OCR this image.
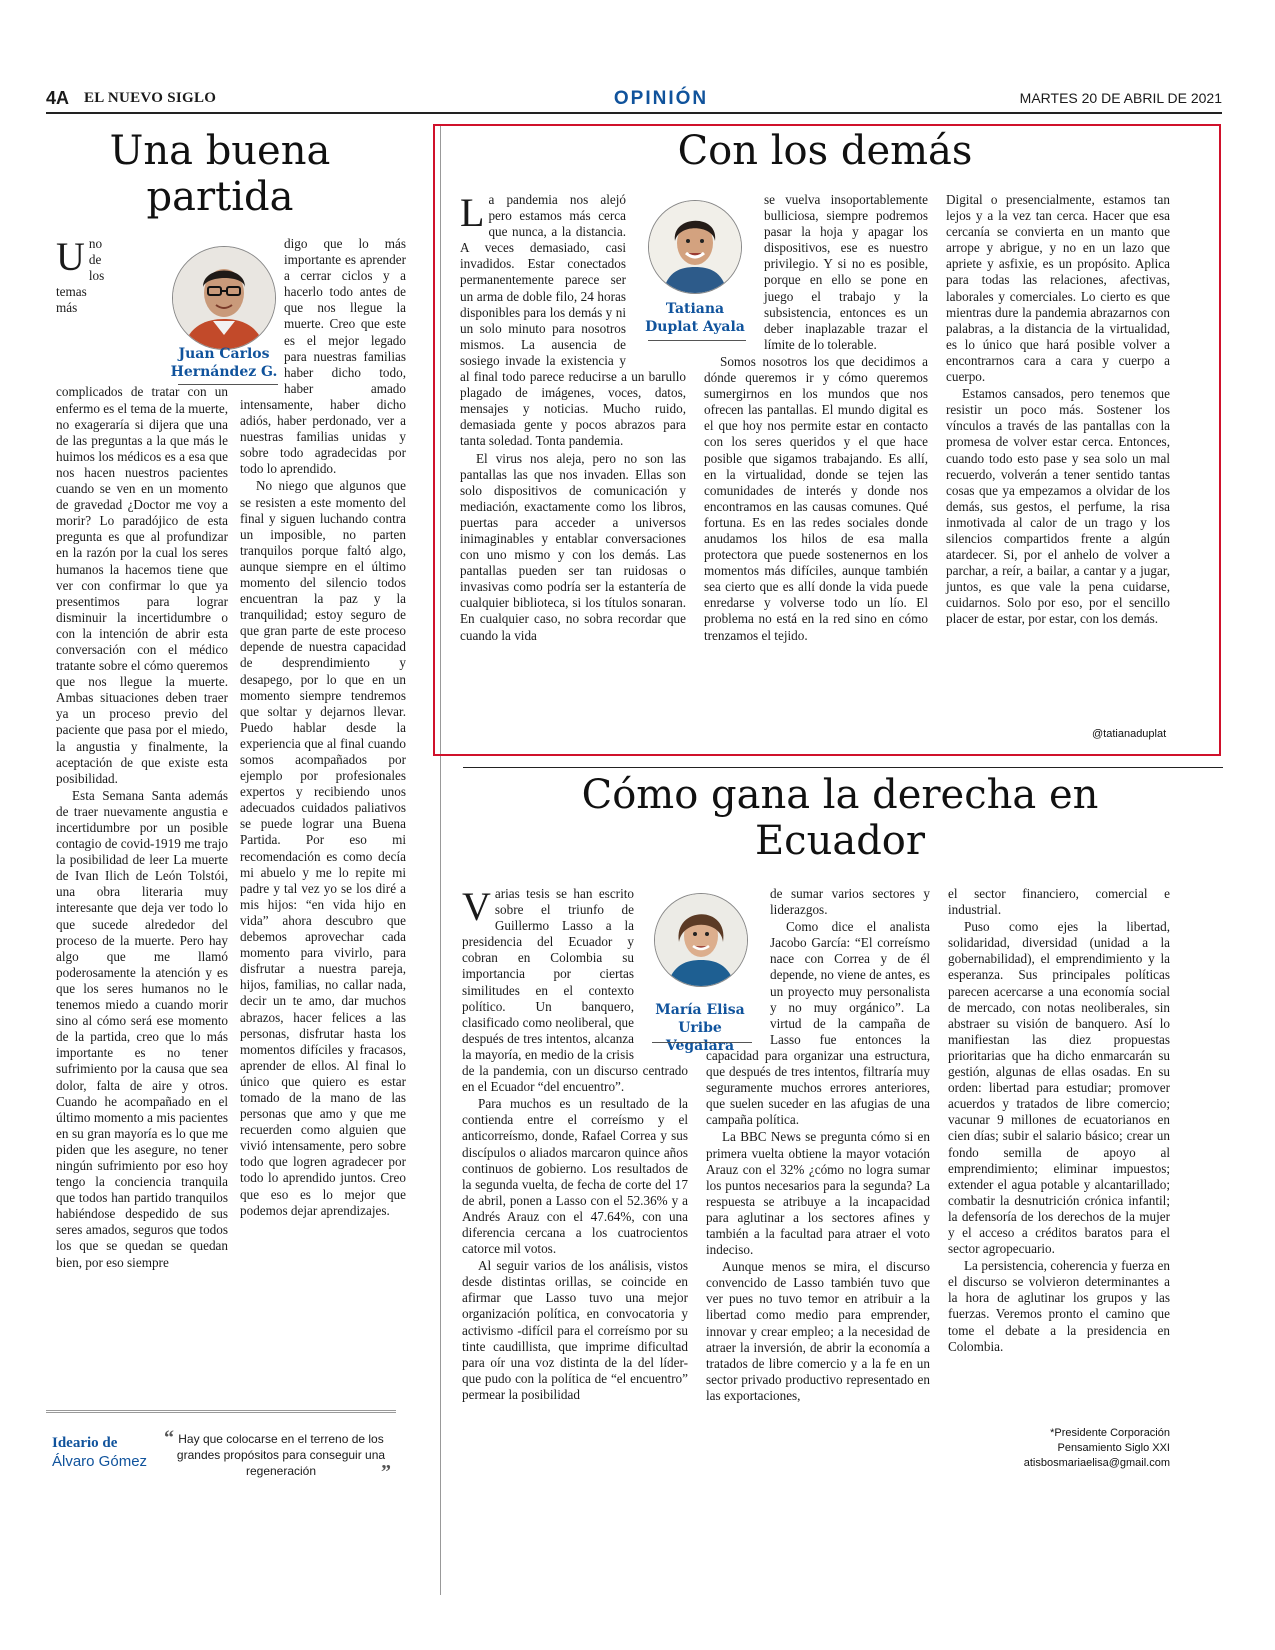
4A EL NUEVO SIGLO	OPINIÓN	MARTES 20 DE ABRIL DE 2021
Una buena partida
Juan Carlos Hernández G.

Uno de los temas más complicados de tratar con un enfermo es el tema de la muerte, no exageraría si dijera que una de las preguntas a la que más le huimos los médicos es a esa que nos hacen nuestros pacientes cuando se ven en un momento de gravedad ¿Doctor me voy a morir? Lo paradójico de esta pregunta es que al profundizar en la razón por la cual los seres humanos la hacemos tiene que ver con confirmar lo que ya presentimos para lograr disminuir la incertidumbre o con la intención de abrir esta conversación con el médico tratante sobre el cómo queremos que nos llegue la muerte. Ambas situaciones deben traer ya un proceso previo del paciente que pasa por el miedo, la angustia y finalmente, la aceptación de que existe esta posibilidad.

Esta Semana Santa además de traer nuevamente angustia e incertidumbre por un posible contagio de covid-1919 me trajo la posibilidad de leer La muerte de Ivan Ilich de León Tolstói, una obra literaria muy interesante que deja ver todo lo que sucede alrededor del proceso de la muerte. Pero hay algo que me llamó poderosamente la atención y es que los seres humanos no le tenemos miedo a cuando morir sino al cómo será ese momento de la partida, creo que lo más importante es no tener sufrimiento por la causa que sea dolor, falta de aire y otros. Cuando he acompañado en el último momento a mis pacientes en su gran mayoría es lo que me piden que les asegure, no tener ningún sufrimiento por eso hoy tengo la conciencia tranquila que todos han partido tranquilos habiéndose despedido de sus seres amados, seguros que todos los que se quedan se quedan bien, por eso siempre

digo que lo más importante es aprender a cerrar ciclos y a hacerlo todo antes de que nos llegue la muerte. Creo que este es el mejor legado para nuestras familias haber dicho todo, haber amado intensamente, haber dicho adiós, haber perdonado, ver a nuestras familias unidas y sobre todo agradecidas por todo lo aprendido.

No niego que algunos que se resisten a este momento del final y siguen luchando contra un imposible, no parten tranquilos porque faltó algo, aunque siempre en el último momento del silencio todos encuentran la paz y la tranquilidad; estoy seguro de que gran parte de este proceso depende de nuestra capacidad de desprendimiento y desapego, por lo que en un momento siempre tendremos que soltar y dejarnos llevar. Puedo hablar desde la experiencia que al final cuando somos acompañados por ejemplo por profesionales expertos y recibiendo unos adecuados cuidados paliativos se puede lograr una Buena Partida. Por eso mi recomendación es como decía mi abuelo y me lo repite mi padre y tal vez yo se los diré a mis hijos: “en vida hijo en vida” ahora descubro que debemos aprovechar cada momento para vivirlo, para disfrutar a nuestra pareja, hijos, familias, no callar nada, decir un te amo, dar muchos abrazos, hacer felices a las personas, disfrutar hasta los momentos difíciles y fracasos, aprender de ellos. Al final lo único que quiero es estar tomado de la mano de las personas que amo y que me recuerden como alguien que vivió intensamente, pero sobre todo que logren agradecer por todo lo aprendido juntos. Creo que eso es lo mejor que podemos dejar aprendizajes.

Ideario de
Álvaro Gómez
“ Hay que colocarse en el terreno de los grandes propósitos para conseguir una regeneración	”
Con los demás
Tatiana Duplat Ayala

La pandemia nos alejó pero estamos más cerca que nunca, a la distancia. A veces demasiado, casi invadidos. Estar conectados permanentemente parece ser un arma de doble filo, 24 horas disponibles para los demás y ni un solo minuto para nosotros mismos. La ausencia de sosiego invade la existencia y al final todo parece reducirse a un barullo plagado de imágenes, voces, datos, mensajes y noticias. Mucho ruido, demasiada gente y pocos abrazos para tanta soledad. Tonta pandemia.

El virus nos aleja, pero no son las pantallas las que nos invaden. Ellas son solo dispositivos de comunicación y mediación, exactamente como los libros, puertas para acceder a universos inimaginables y entablar conversaciones con uno mismo y con los demás. Las pantallas pueden ser tan ruidosas o invasivas como podría ser la estantería de cualquier biblioteca, si los títulos sonaran. En cualquier caso, no sobra recordar que cuando la vida

se vuelva insoportablemente bulliciosa, siempre podremos pasar la hoja y apagar los dispositivos, ese es nuestro privilegio. Y si no es posible, porque en ello se pone en juego el trabajo y la subsistencia, entonces es un deber inaplazable trazar el límite de lo tolerable.

Somos nosotros los que decidimos a dónde queremos ir y cómo queremos sumergirnos en los mundos que nos ofrecen las pantallas. El mundo digital es el que hoy nos permite estar en contacto con los seres queridos y el que hace posible que sigamos trabajando. Es allí, en la virtualidad, donde se tejen las comunidades de interés y donde nos encontramos en las causas comunes. Qué fortuna. Es en las redes sociales donde anudamos los hilos de esa malla protectora que puede sostenernos en los momentos más difíciles, aunque también sea cierto que es allí donde la vida puede enredarse y volverse todo un lío. El problema no está en la red sino en cómo trenzamos el tejido.

Digital o presencialmente, estamos tan lejos y a la vez tan cerca. Hacer que esa cercanía se convierta en un manto que arrope y abrigue, y no en un lazo que apriete y asfixie, es un propósito. Aplica para todas las relaciones, afectivas, laborales y comerciales. Lo cierto es que mientras dure la pandemia abrazarnos con palabras, a la distancia de la virtualidad, es lo único que hará posible volver a encontrarnos cara a cara y cuerpo a cuerpo.

Estamos cansados, pero tenemos que resistir un poco más. Sostener los vínculos a través de las pantallas con la promesa de volver estar cerca. Entonces, cuando todo esto pase y sea solo un mal recuerdo, volverán a tener sentido tantas cosas que ya empezamos a olvidar de los demás, sus gestos, el perfume, la risa inmotivada al calor de un trago y los silencios compartidos frente a algún atardecer. Si, por el anhelo de volver a parchar, a reír, a bailar, a cantar y a jugar, juntos, es que vale la pena cuidarse, cuidarnos. Solo por eso, por el sencillo placer de estar, por estar, con los demás.

@tatianaduplat
Cómo gana la derecha en Ecuador
María Elisa Uribe Vegalara

Varias tesis se han escrito sobre el triunfo de Guillermo Lasso a la presidencia del Ecuador y cobran en Colombia su importancia por ciertas similitudes en el contexto político. Un banquero, clasificado como neoliberal, que después de tres intentos, alcanza la mayoría, en medio de la crisis de la pandemia, con un discurso centrado en el Ecuador “del encuentro”.

Para muchos es un resultado de la contienda entre el correísmo y el anticorreísmo, donde, Rafael Correa y sus discípulos o aliados marcaron quince años continuos de gobierno. Los resultados de la segunda vuelta, de fecha de corte del 17 de abril, ponen a Lasso con el 52.36% y a Andrés Arauz con el 47.64%, con una diferencia cercana a los cuatrocientos catorce mil votos.

Al seguir varios de los análisis, vistos desde distintas orillas, se coincide en afirmar que Lasso tuvo una mejor organización política, en convocatoria y activismo -difícil para el correísmo por su tinte caudillista, que imprime dificultad para oír una voz distinta de la del líder- que pudo con la política de “el encuentro” permear la posibilidad

de sumar varios sectores y liderazgos.

Como dice el analista Jacobo García: “El correísmo nace con Correa y de él depende, no viene de antes, es un proyecto muy personalista y no muy orgánico”. La virtud de la campaña de Lasso fue entonces la capacidad para organizar una estructura, que después de tres intentos, filtraría muy seguramente muchos errores anteriores, que suelen suceder en las afugias de una campaña política.

La BBC News se pregunta cómo si en primera vuelta obtiene la mayor votación Arauz con el 32% ¿cómo no logra sumar los puntos necesarios para la segunda? La respuesta se atribuye a la incapacidad para aglutinar a los sectores afines y también a la facultad para atraer el voto indeciso.

Aunque menos se mira, el discurso convencido de Lasso también tuvo que ver pues no tuvo temor en atribuir a la libertad como medio para emprender, innovar y crear empleo; a la necesidad de atraer la inversión, de abrir la economía a tratados de libre comercio y a la fe en un sector privado productivo representado en las exportaciones,

el sector financiero, comercial e industrial.

Puso como ejes la libertad, solidaridad, diversidad (unidad a la gobernabilidad), el emprendimiento y la esperanza. Sus principales políticas parecen acercarse a una economía social de mercado, con notas neoliberales, sin abstraer su visión de banquero. Así lo manifiestan las diez propuestas prioritarias que ha dicho enmarcarán su gestión, algunas de ellas osadas. En su orden: libertad para estudiar; promover acuerdos y tratados de libre comercio; vacunar 9 millones de ecuatorianos en cien días; subir el salario básico; crear un fondo semilla de apoyo al emprendimiento; eliminar impuestos; extender el agua potable y alcantarillado; combatir la desnutrición crónica infantil; la defensoría de los derechos de la mujer y el acceso a créditos baratos para el sector agropecuario.

La persistencia, coherencia y fuerza en el discurso se volvieron determinantes a la hora de aglutinar los grupos y las fuerzas. Veremos pronto el camino que tome el debate a la presidencia en Colombia.

*Presidente Corporación
Pensamiento Siglo XXI
atisbosmariaelisa@gmail.com
